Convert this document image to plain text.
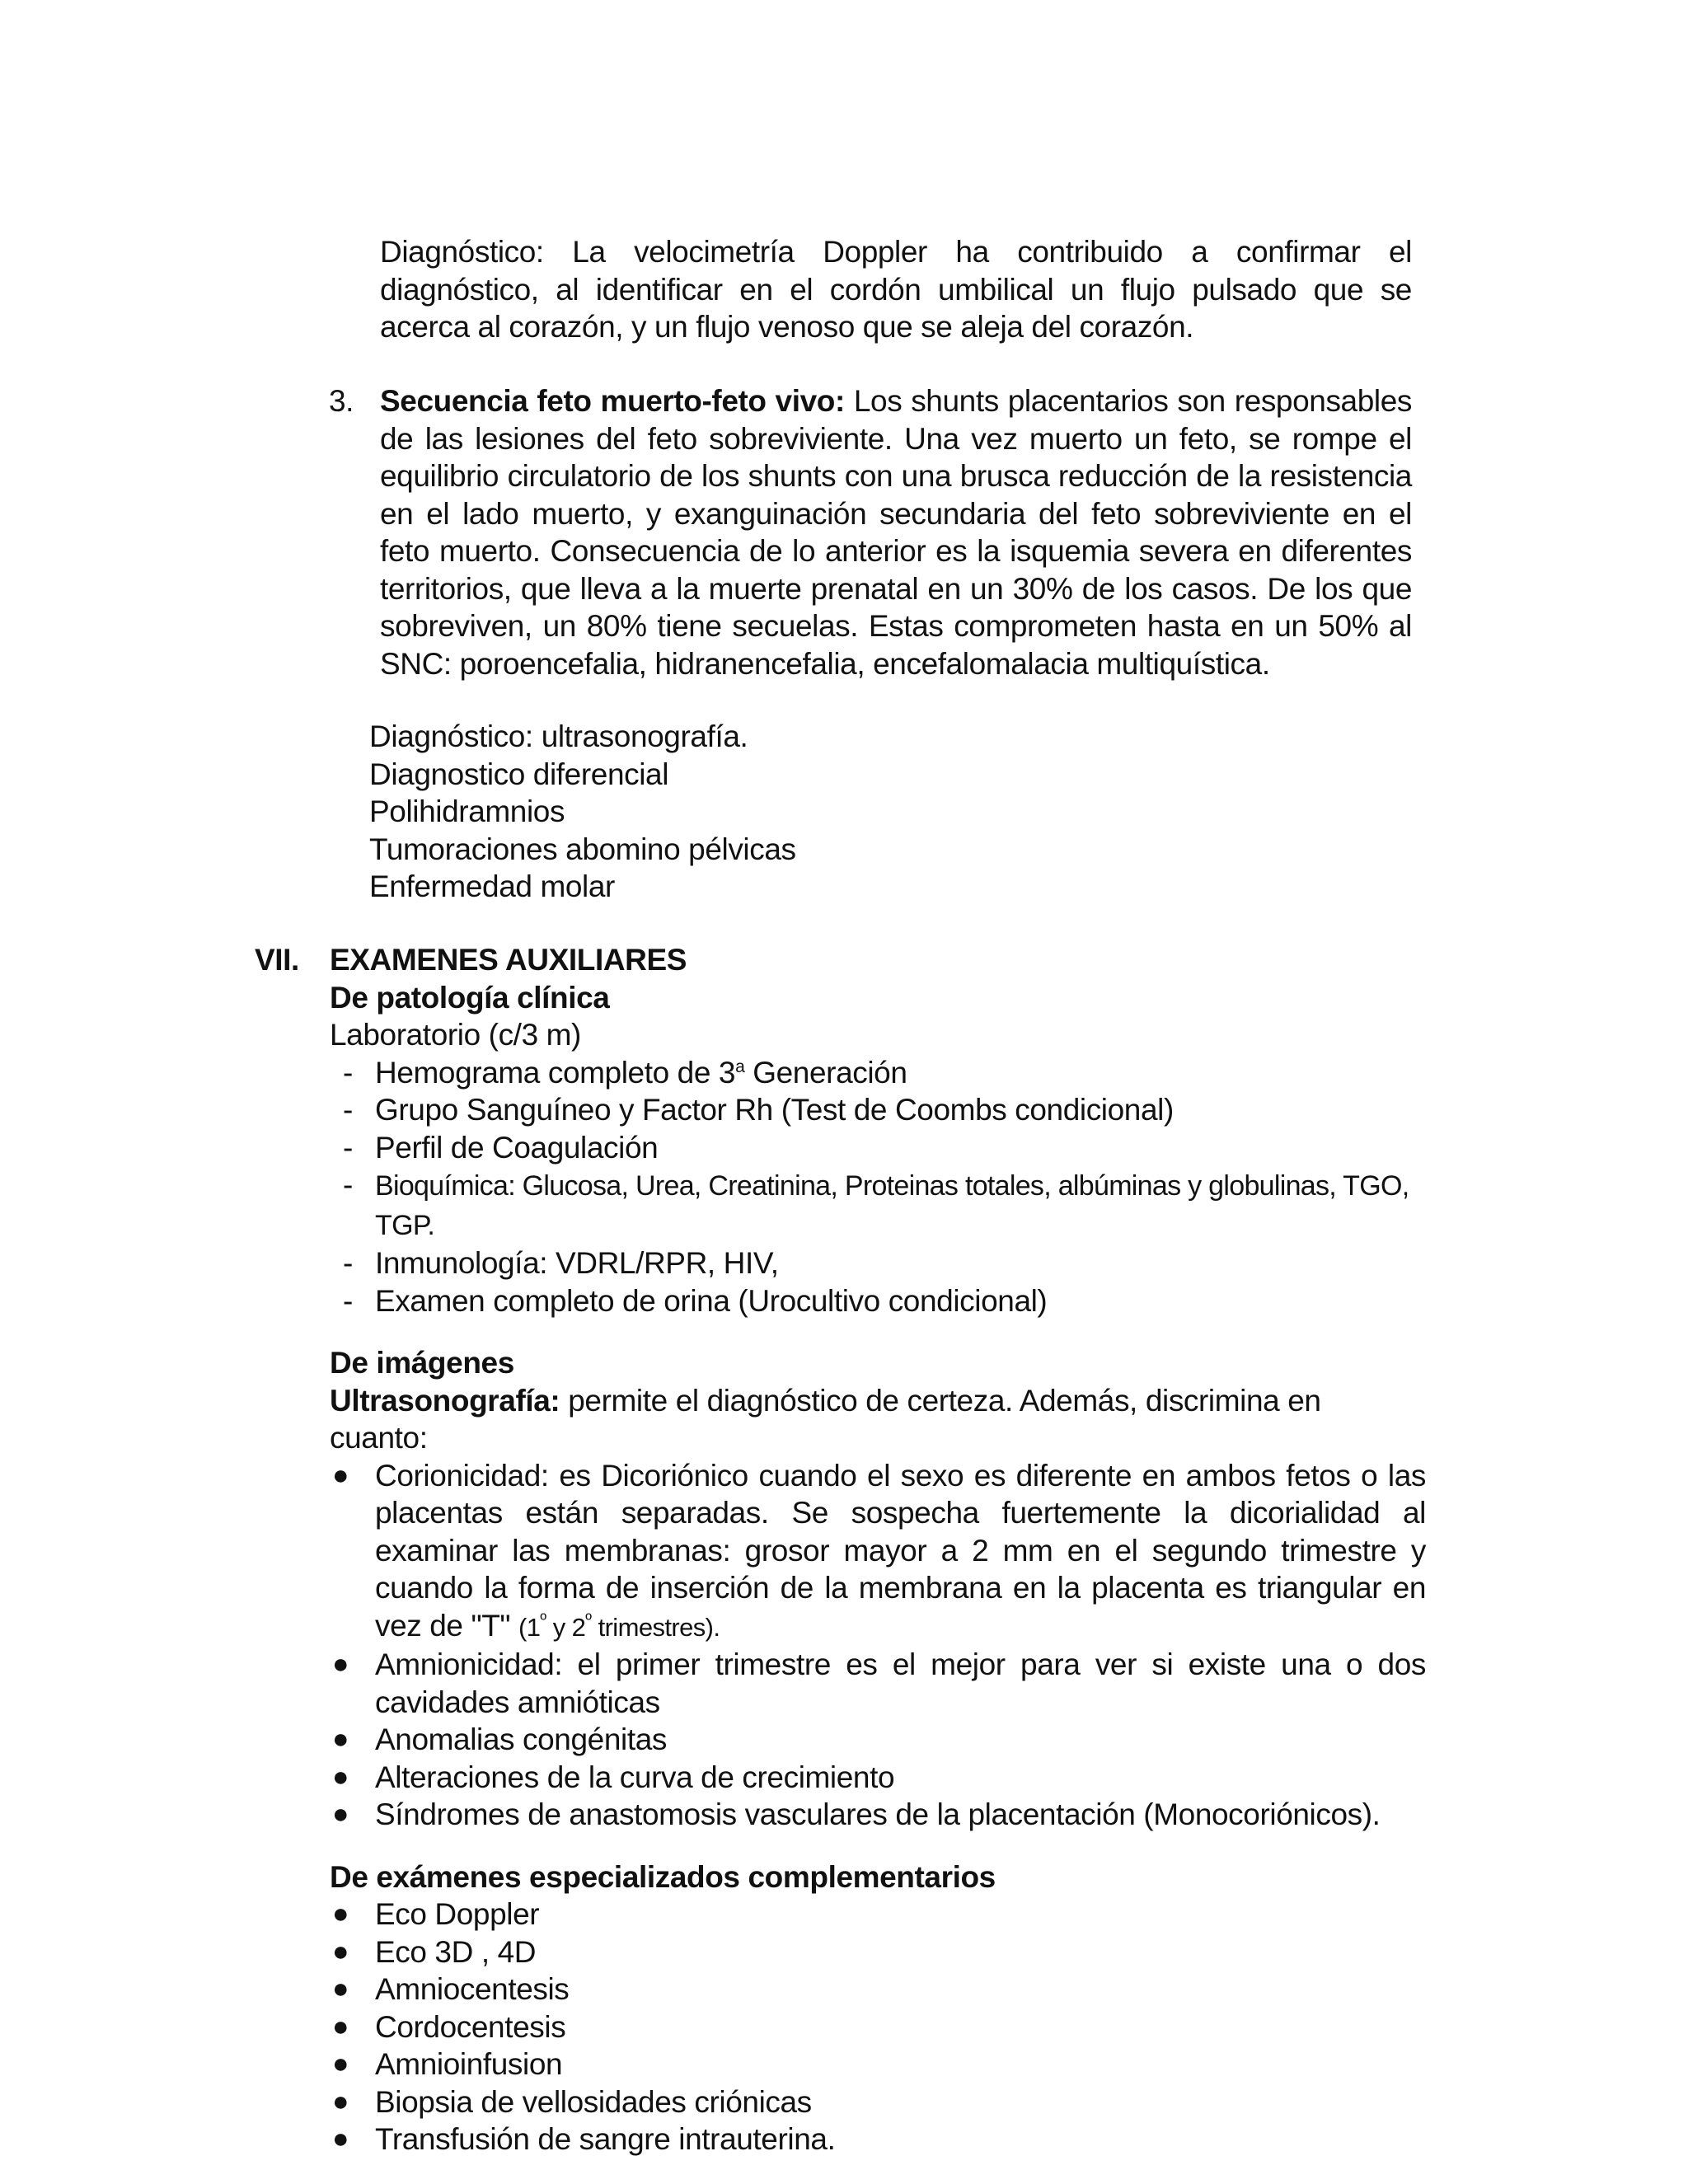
Diagnóstico: La velocimetría Doppler ha contribuido a confirmar el diagnóstico, al identificar en el cordón umbilical un flujo pulsado que se acerca al corazón, y un flujo venoso que se aleja del corazón.
3. Secuencia feto muerto-feto vivo: Los shunts placentarios son responsables de las lesiones del feto sobreviviente. Una vez muerto un feto, se rompe el equilibrio circulatorio de los shunts con una brusca reducción de la resistencia en el lado muerto, y exanguinación secundaria del feto sobreviviente en el feto muerto. Consecuencia de lo anterior es la isquemia severa en diferentes territorios, que lleva a la muerte prenatal en un 30% de los casos. De los que sobreviven, un 80% tiene secuelas. Estas comprometen hasta en un 50% al SNC: poroencefalia, hidranencefalia, encefalomalacia multiquística.
Diagnóstico: ultrasonografía.
Diagnostico diferencial
Polihidramnios
Tumoraciones abomino pélvicas
Enfermedad molar
VII. EXAMENES AUXILIARES
De patología clínica
Laboratorio (c/3 m)
- Hemograma completo de 3$^a$ Generación
- Grupo Sanguíneo y Factor Rh (Test de Coombs condicional)
- Perfil de Coagulación
- Bioquímica: Glucosa, Urea, Creatinina, Proteinas totales, albúminas y globulinas, TGO, TGP.
- Inmunología: VDRL/RPR, HIV,
- Examen completo de orina (Urocultivo condicional)
De imágenes
Ultrasonografía: permite el diagnóstico de certeza. Además, discrimina en cuanto:
● Corionicidad: es Dicoriónico cuando el sexo es diferente en ambos fetos o las placentas están separadas. Se sospecha fuertemente la dicorialidad al examinar las membranas: grosor mayor a 2 mm en el segundo trimestre y cuando la forma de inserción de la membrana en la placenta es triangular en vez de "T" ($1^º$ y $2^º$ trimestres).
● Amnionicidad: el primer trimestre es el mejor para ver si existe una o dos cavidades amnióticas
● Anomalias congénitas
● Alteraciones de la curva de crecimiento
● Síndromes de anastomosis vasculares de la placentación (Monocoriónicos).
De exámenes especializados complementarios
● Eco Doppler
● Eco 3D , 4D
● Amniocentesis
● Cordocentesis
● Amnioinfusion
● Biopsia de vellosidades criónicas
● Transfusión de sangre intrauterina.
